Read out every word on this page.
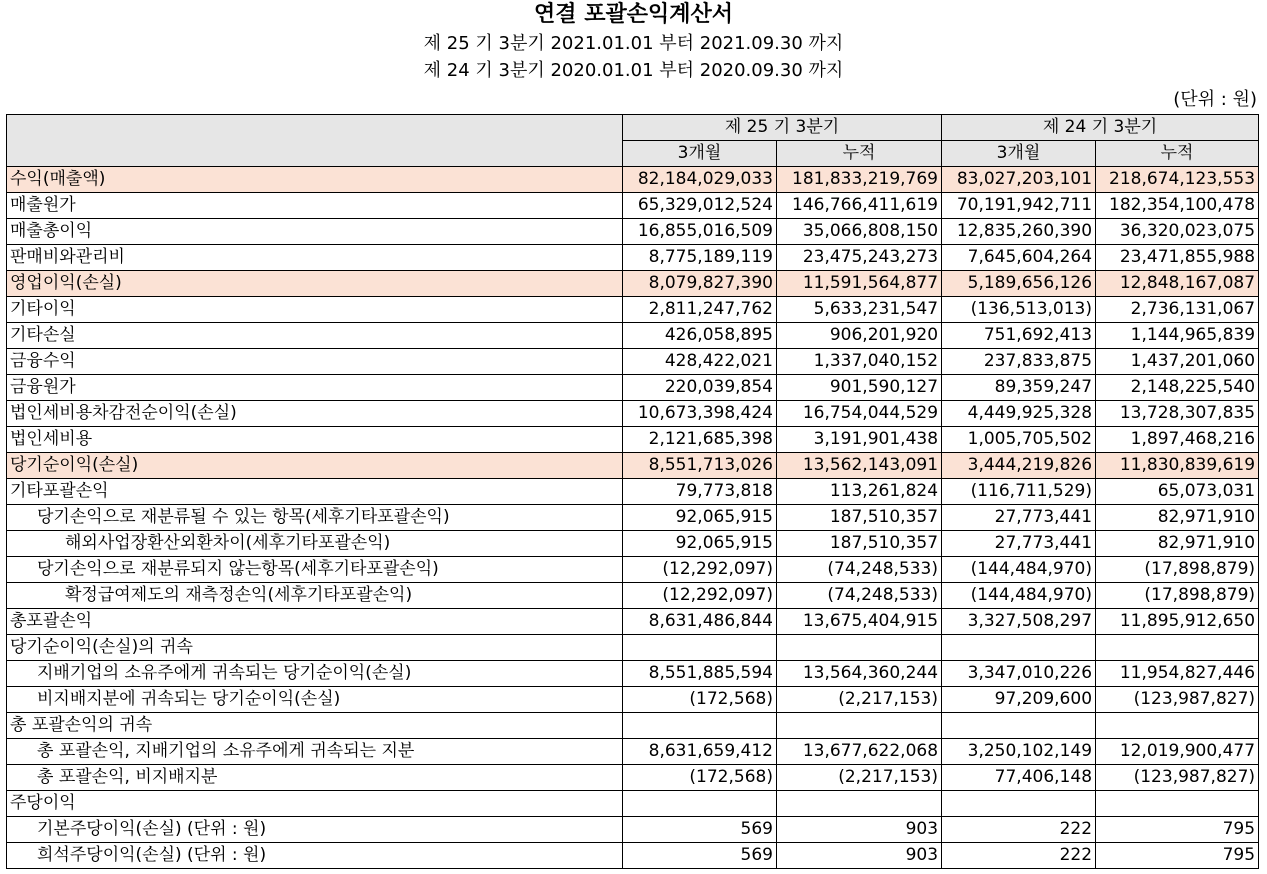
연결 포괄손익계산서
제 25 기 3분기 2021.01.01 부터 2021.09.30 까지
제 24 기 3분기 2020.01.01 부터 2020.09.30 까지
(단위 : 원)
	제 25 기 3분기		제 24 기 3분기	
	3개월	누적	3개월	누적
수익(매출액)	82,184,029,033	181,833,219,769	83,027,203,101	218,674,123,553
매출원가	65,329,012,524	146,766,411,619	70,191,942,711	182,354,100,478
매출총이익	16,855,016,509	35,066,808,150	12,835,260,390	36,320,023,075
판매비와관리비	8,775,189,119	23,475,243,273	7,645,604,264	23,471,855,988
영업이익(손실)	8,079,827,390	11,591,564,877	5,189,656,126	12,848,167,087
기타이익	2,811,247,762	5,633,231,547	(136,513,013)	2,736,131,067
기타손실	426,058,895	906,201,920	751,692,413	1,144,965,839
금융수익	428,422,021	1,337,040,152	237,833,875	1,437,201,060
금융원가	220,039,854	901,590,127	89,359,247	2,148,225,540
법인세비용차감전순이익(손실)	10,673,398,424	16,754,044,529	4,449,925,328	13,728,307,835
법인세비용	2,121,685,398	3,191,901,438	1,005,705,502	1,897,468,216
당기순이익(손실)	8,551,713,026	13,562,143,091	3,444,219,826	11,830,839,619
기타포괄손익	79,773,818	113,261,824	(116,711,529)	65,073,031
당기손익으로 재분류될 수 있는 항목(세후기타포괄손익)	92,065,915	187,510,357	27,773,441	82,971,910
해외사업장환산외환차이(세후기타포괄손익)	92,065,915	187,510,357	27,773,441	82,971,910
당기손익으로 재분류되지 않는항목(세후기타포괄손익)	(12,292,097)	(74,248,533)	(144,484,970)	(17,898,879)
확정급여제도의 재측정손익(세후기타포괄손익)	(12,292,097)	(74,248,533)	(144,484,970)	(17,898,879)
총포괄손익	8,631,486,844	13,675,404,915	3,327,508,297	11,895,912,650
당기순이익(손실)의 귀속				
지배기업의 소유주에게 귀속되는 당기순이익(손실)	8,551,885,594	13,564,360,244	3,347,010,226	11,954,827,446
비지배지분에 귀속되는 당기순이익(손실)	(172,568)	(2,217,153)	97,209,600	(123,987,827)
총 포괄손익의 귀속				
총 포괄손익, 지배기업의 소유주에게 귀속되는 지분	8,631,659,412	13,677,622,068	3,250,102,149	12,019,900,477
총 포괄손익, 비지배지분	(172,568)	(2,217,153)	77,406,148	(123,987,827)
주당이익				
기본주당이익(손실) (단위 : 원)	569	903	222	795
희석주당이익(손실) (단위 : 원)	569	903	222	795
